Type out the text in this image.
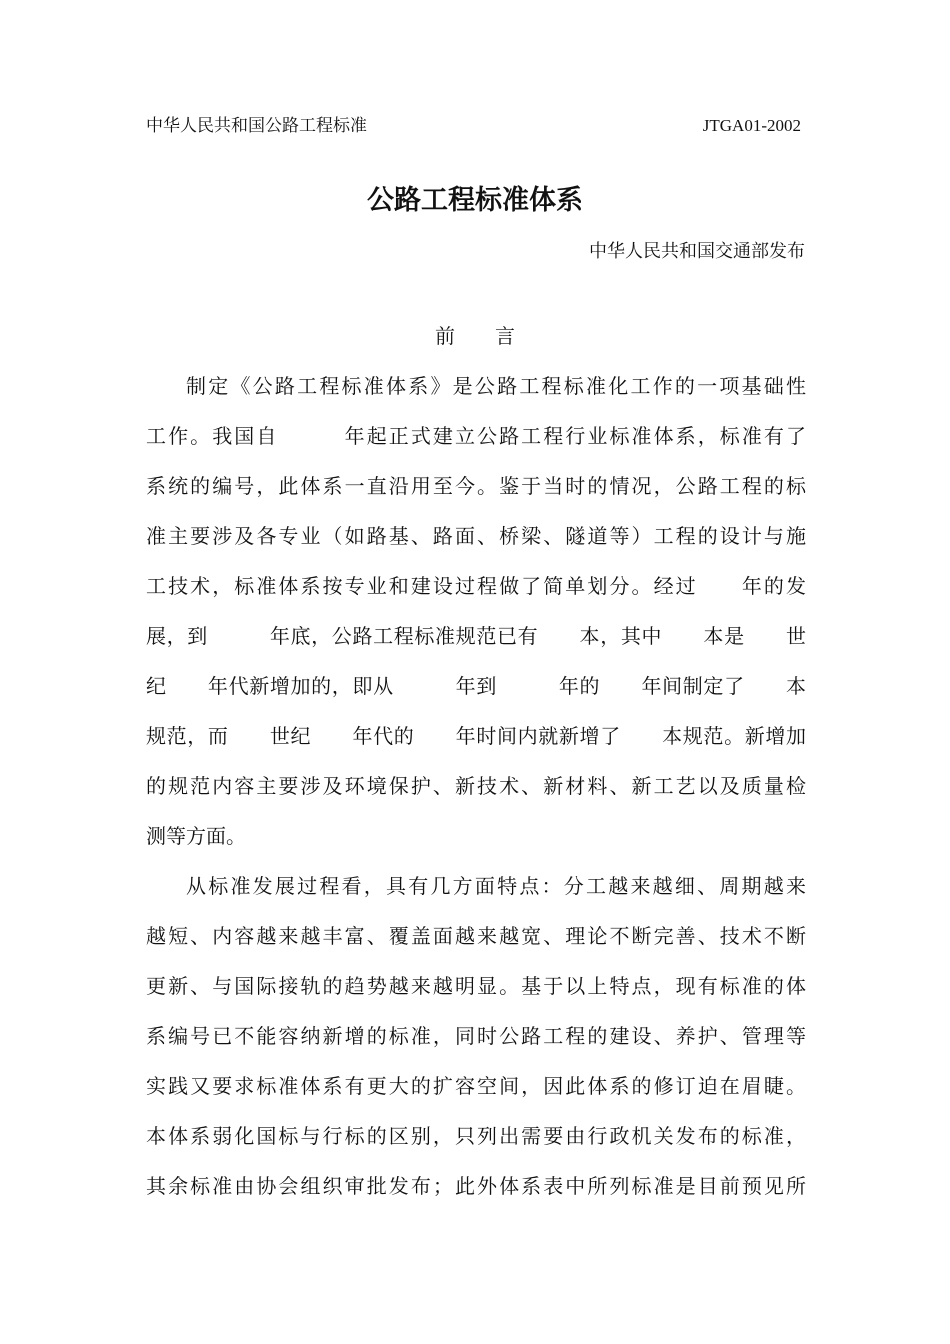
中华人民共和国公路工程标准	JTGA01-2002
公路工程标准体系
中华人民共和国交通部发布
前　　言
制定《公路工程标准体系》是公路工程标准化工作的一项基础性
工作。我国自　　　年起正式建立公路工程行业标准体系，标准有了
系统的编号，此体系一直沿用至今。鉴于当时的情况，公路工程的标
准主要涉及各专业（如路基、路面、桥梁、隧道等）工程的设计与施
工技术，标准体系按专业和建设过程做了简单划分。经过　　年的发
展，到　　　年底，公路工程标准规范已有　　本，其中　　本是　　世
纪　　年代新增加的，即从　　　年到　　　年的　　年间制定了　　本
规范，而　　世纪　　年代的　　年时间内就新增了　　本规范。新增加
的规范内容主要涉及环境保护、新技术、新材料、新工艺以及质量检
测等方面。
从标准发展过程看，具有几方面特点：分工越来越细、周期越来
越短、内容越来越丰富、覆盖面越来越宽、理论不断完善、技术不断
更新、与国际接轨的趋势越来越明显。基于以上特点，现有标准的体
系编号已不能容纳新增的标准，同时公路工程的建设、养护、管理等
实践又要求标准体系有更大的扩容空间，因此体系的修订迫在眉睫。
本体系弱化国标与行标的区别，只列出需要由行政机关发布的标准，
其余标准由协会组织审批发布；此外体系表中所列标准是目前预见所
